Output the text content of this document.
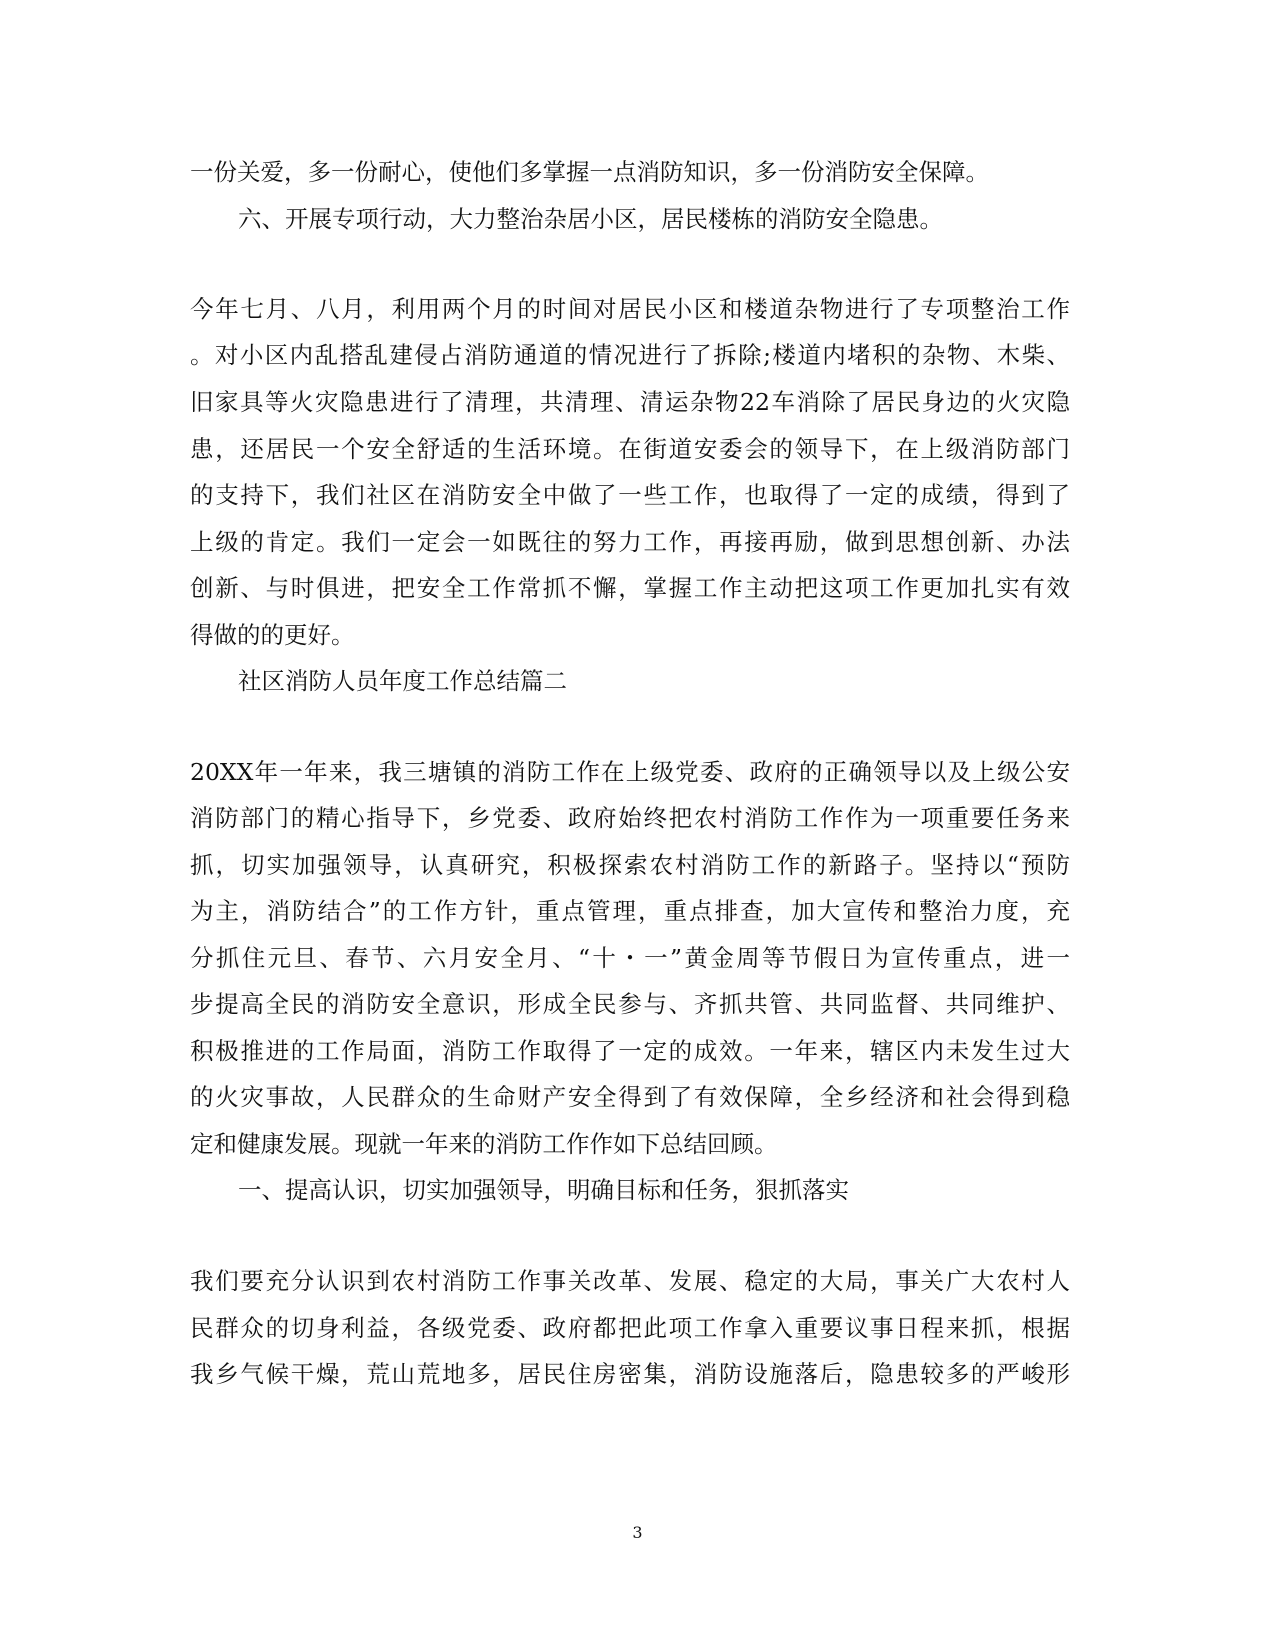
一份关爱，多一份耐心，使他们多掌握一点消防知识，多一份消防安全保障。
六、开展专项行动，大力整治杂居小区，居民楼栋的消防安全隐患。
今年七月、八月，利用两个月的时间对居民小区和楼道杂物进行了专项整治工作
。对小区内乱搭乱建侵占消防通道的情况进行了拆除;楼道内堵积的杂物、木柴、
旧家具等火灾隐患进行了清理，共清理、清运杂物22车消除了居民身边的火灾隐
患，还居民一个安全舒适的生活环境。在街道安委会的领导下，在上级消防部门
的支持下，我们社区在消防安全中做了一些工作，也取得了一定的成绩，得到了
上级的肯定。我们一定会一如既往的努力工作，再接再励，做到思想创新、办法
创新、与时俱进，把安全工作常抓不懈，掌握工作主动把这项工作更加扎实有效
得做的的更好。
社区消防人员年度工作总结篇二
20XX年一年来，我三塘镇的消防工作在上级党委、政府的正确领导以及上级公安
消防部门的精心指导下，乡党委、政府始终把农村消防工作作为一项重要任务来
抓，切实加强领导，认真研究，积极探索农村消防工作的新路子。坚持以“预防
为主，消防结合”的工作方针，重点管理，重点排查，加大宣传和整治力度，充
分抓住元旦、春节、六月安全月、“十・一”黄金周等节假日为宣传重点，进一
步提高全民的消防安全意识，形成全民参与、齐抓共管、共同监督、共同维护、
积极推进的工作局面，消防工作取得了一定的成效。一年来，辖区内未发生过大
的火灾事故，人民群众的生命财产安全得到了有效保障，全乡经济和社会得到稳
定和健康发展。现就一年来的消防工作作如下总结回顾。
一、提高认识，切实加强领导，明确目标和任务，狠抓落实
我们要充分认识到农村消防工作事关改革、发展、稳定的大局，事关广大农村人
民群众的切身利益，各级党委、政府都把此项工作拿入重要议事日程来抓，根据
我乡气候干燥，荒山荒地多，居民住房密集，消防设施落后，隐患较多的严峻形
3
